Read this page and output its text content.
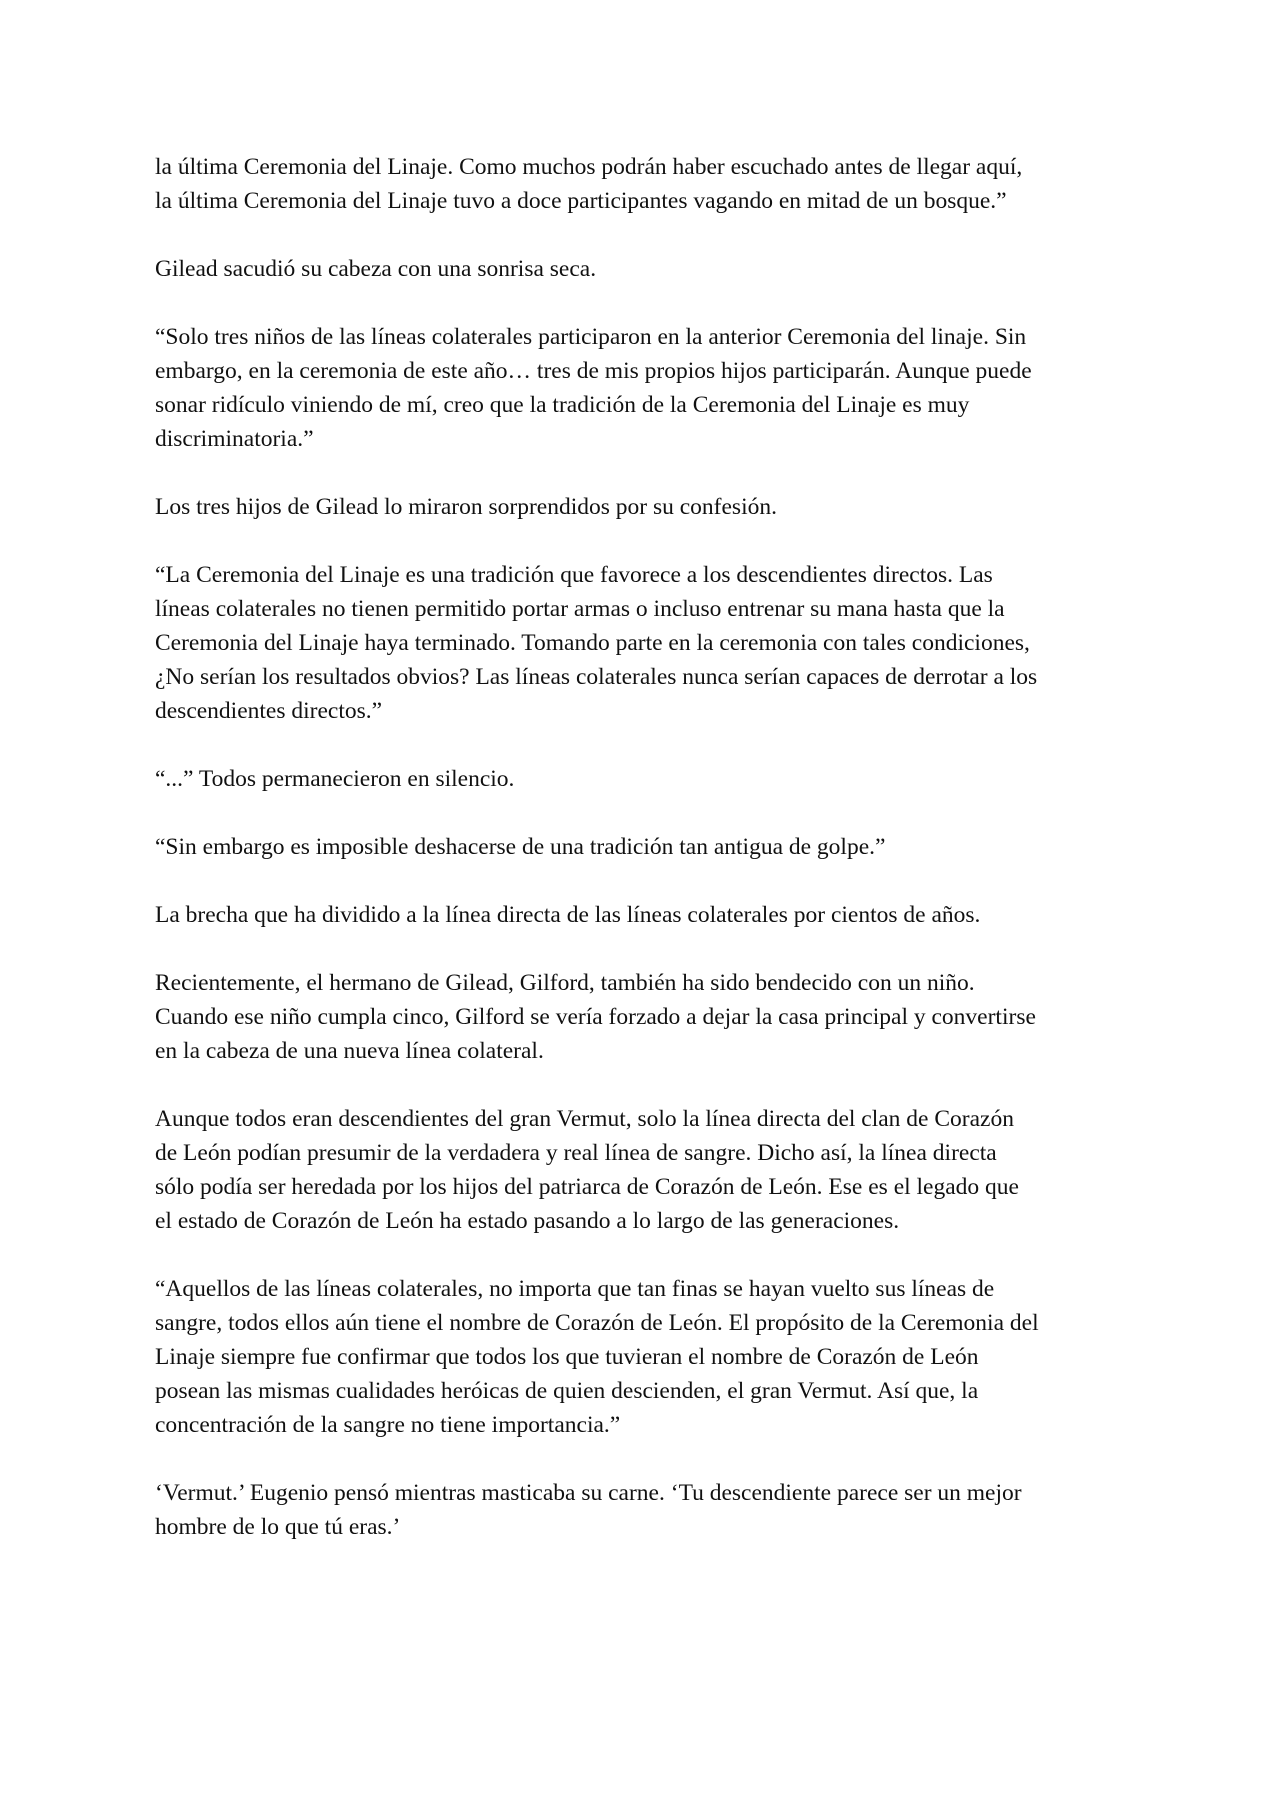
la última Ceremonia del Linaje. Como muchos podrán haber escuchado antes de llegar aquí,
la última Ceremonia del Linaje tuvo a doce participantes vagando en mitad de un bosque.”

Gilead sacudió su cabeza con una sonrisa seca.

“Solo tres niños de las líneas colaterales participaron en la anterior Ceremonia del linaje. Sin
embargo, en la ceremonia de este año… tres de mis propios hijos participarán. Aunque puede
sonar ridículo viniendo de mí, creo que la tradición de la Ceremonia del Linaje es muy
discriminatoria.”

Los tres hijos de Gilead lo miraron sorprendidos por su confesión.

“La Ceremonia del Linaje es una tradición que favorece a los descendientes directos. Las
líneas colaterales no tienen permitido portar armas o incluso entrenar su mana hasta que la
Ceremonia del Linaje haya terminado. Tomando parte en la ceremonia con tales condiciones,
¿No serían los resultados obvios? Las líneas colaterales nunca serían capaces de derrotar a los
descendientes directos.”

“...” Todos permanecieron en silencio.

“Sin embargo es imposible deshacerse de una tradición tan antigua de golpe.”

La brecha que ha dividido a la línea directa de las líneas colaterales por cientos de años.

Recientemente, el hermano de Gilead, Gilford, también ha sido bendecido con un niño.
Cuando ese niño cumpla cinco, Gilford se vería forzado a dejar la casa principal y convertirse
en la cabeza de una nueva línea colateral.

Aunque todos eran descendientes del gran Vermut, solo la línea directa del clan de Corazón
de León podían presumir de la verdadera y real línea de sangre. Dicho así, la línea directa
sólo podía ser heredada por los hijos del patriarca de Corazón de León. Ese es el legado que
el estado de Corazón de León ha estado pasando a lo largo de las generaciones.

“Aquellos de las líneas colaterales, no importa que tan finas se hayan vuelto sus líneas de
sangre, todos ellos aún tiene el nombre de Corazón de León. El propósito de la Ceremonia del
Linaje siempre fue confirmar que todos los que tuvieran el nombre de Corazón de León
posean las mismas cualidades heróicas de quien descienden, el gran Vermut. Así que, la
concentración de la sangre no tiene importancia.”

‘Vermut.’ Eugenio pensó mientras masticaba su carne. ‘Tu descendiente parece ser un mejor
hombre de lo que tú eras.’
